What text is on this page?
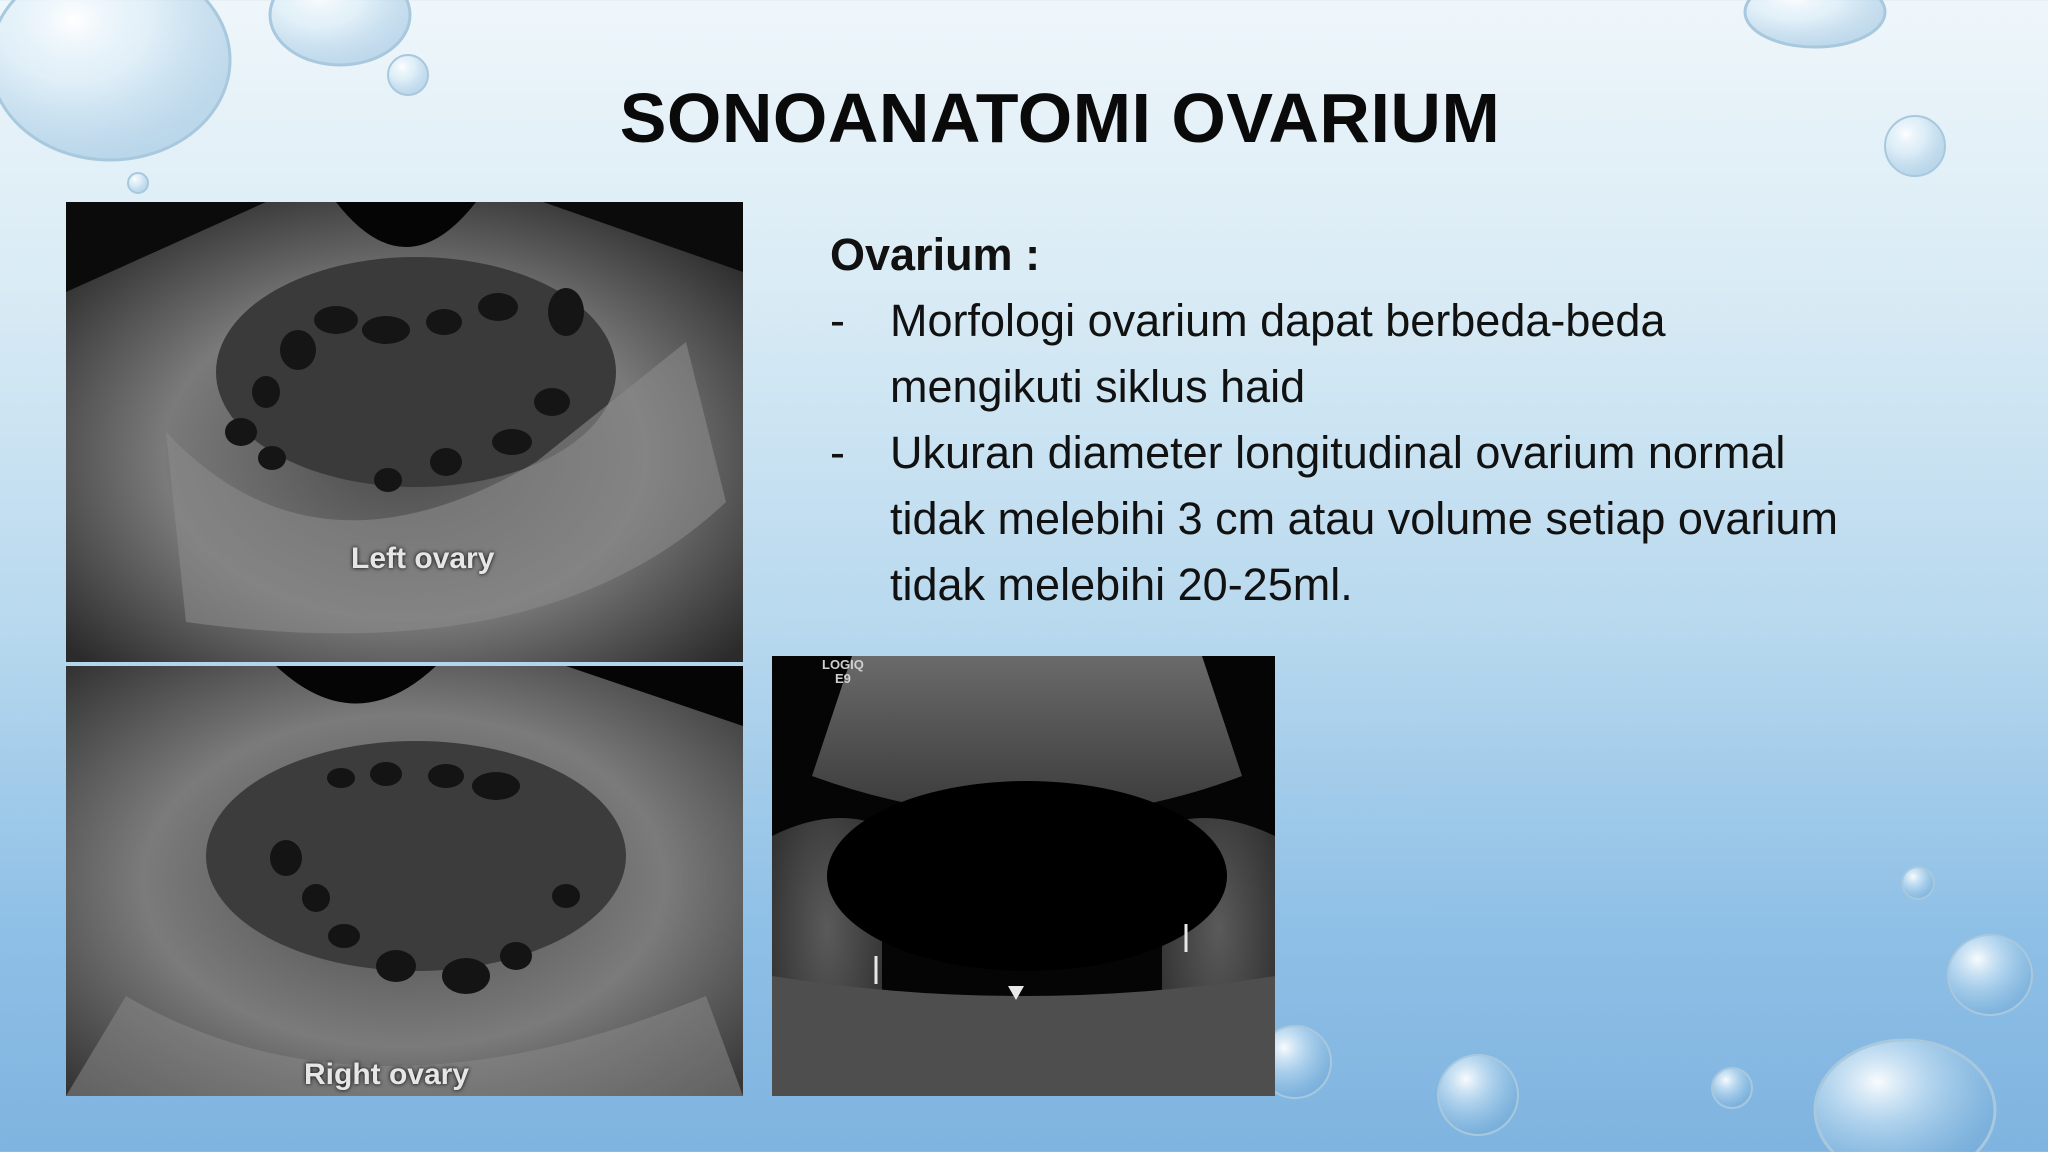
SONOANATOMI OVARIUM
Ovarium :
- Morfologi ovarium dapat berbeda-beda
mengikuti siklus haid
- Ukuran diameter longitudinal ovarium normal
tidak melebihi 3 cm atau volume setiap ovarium
tidak melebihi 20-25ml.
Left ovary
Right ovary
LOGIQ
E9
